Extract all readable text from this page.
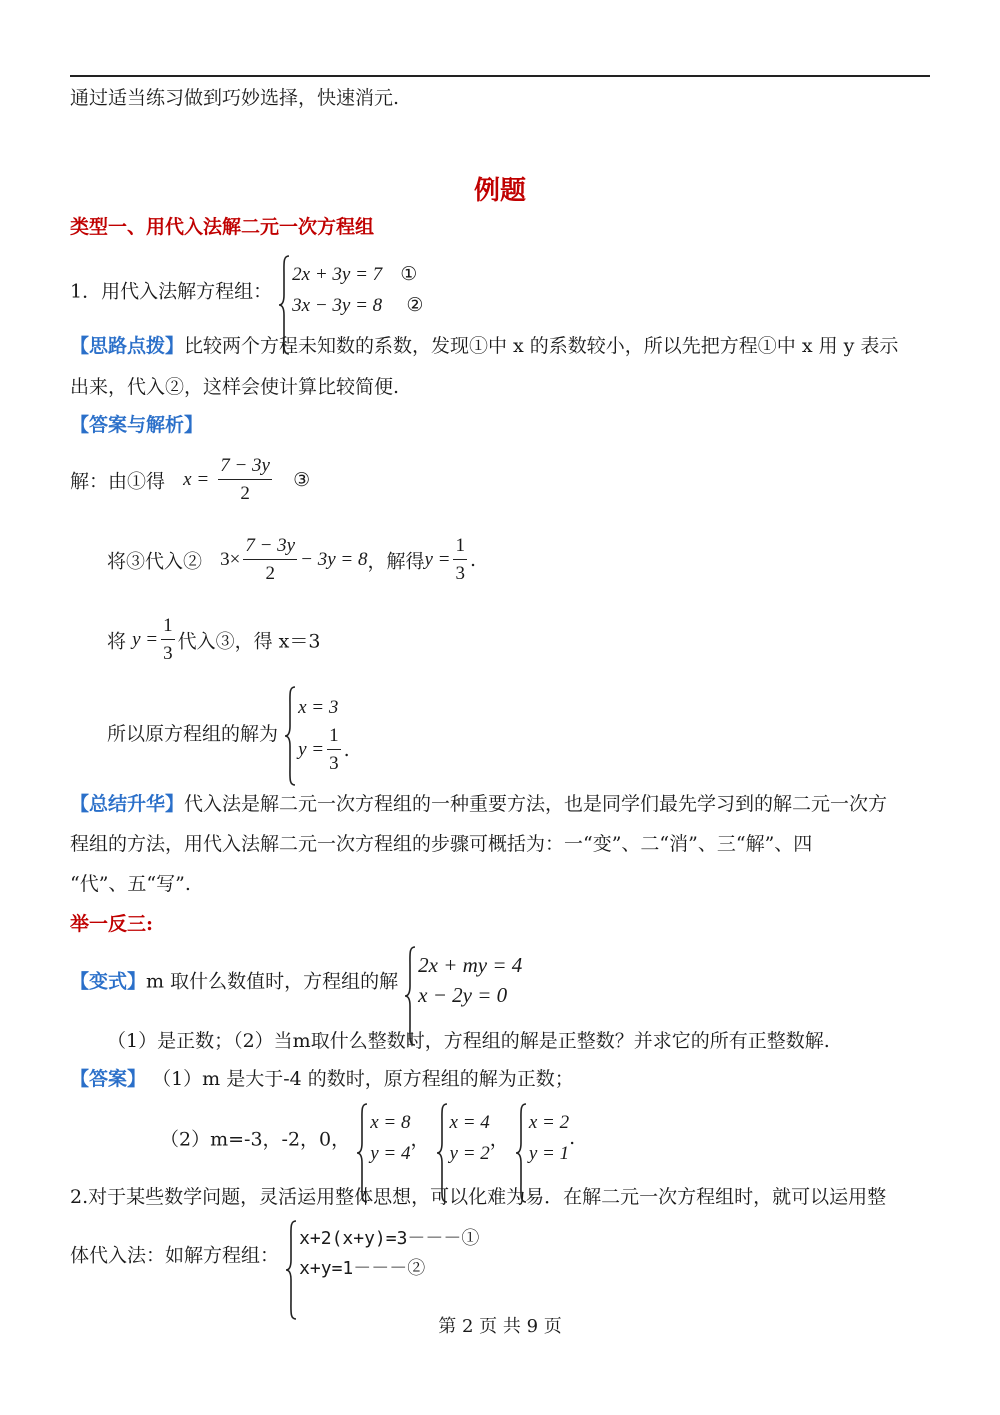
通过适当练习做到巧妙选择，快速消元.
例题
类型一、用代入法解二元一次方程组
1．用代入法解方程组：
2x + 3y = 7 ①
3x − 3y = 8 ②
【思路点拨】比较两个方程未知数的系数，发现①中 x 的系数较小，所以先把方程①中 x 用 y 表示
出来，代入②，这样会使计算比较简便.
【答案与解析】
解：由①得 $x = \frac{7 - 3y}{2}$ ③
将③代入② $3\times \frac{7 - 3y}{2} - 3y = 8$，解得$y = \frac{1}{3}$ .
将 $y = \frac{1}{3}$ 代入③，得 x＝3
所以原方程组的解为
x = 3
$y = \frac{1}{3}$ .
【总结升华】代入法是解二元一次方程组的一种重要方法，也是同学们最先学习到的解二元一次方
程组的方法，用代入法解二元一次方程组的步骤可概括为：一“变”、二“消”、三“解”、四
“代”、五“写”.
举一反三:
【变式】m 取什么数值时，方程组的解
2x + my = 4
x − 2y = 0
（1）是正数；（2）当m取什么整数时，方程组的解是正整数？并求它的所有正整数解.
【答案】 （1）m 是大于-4 的数时，原方程组的解为正数；
（2）m=-3，-2，0，
x = 8
y = 4
，
x = 4
y = 2
，
x = 2
y = 1
.
2.对于某些数学问题，灵活运用整体思想，可以化难为易．在解二元一次方程组时，就可以运用整
体代入法：如解方程组：
x+2(x+y)=3－－－①
x+y=1－－－②
第 2 页 共 9 页
